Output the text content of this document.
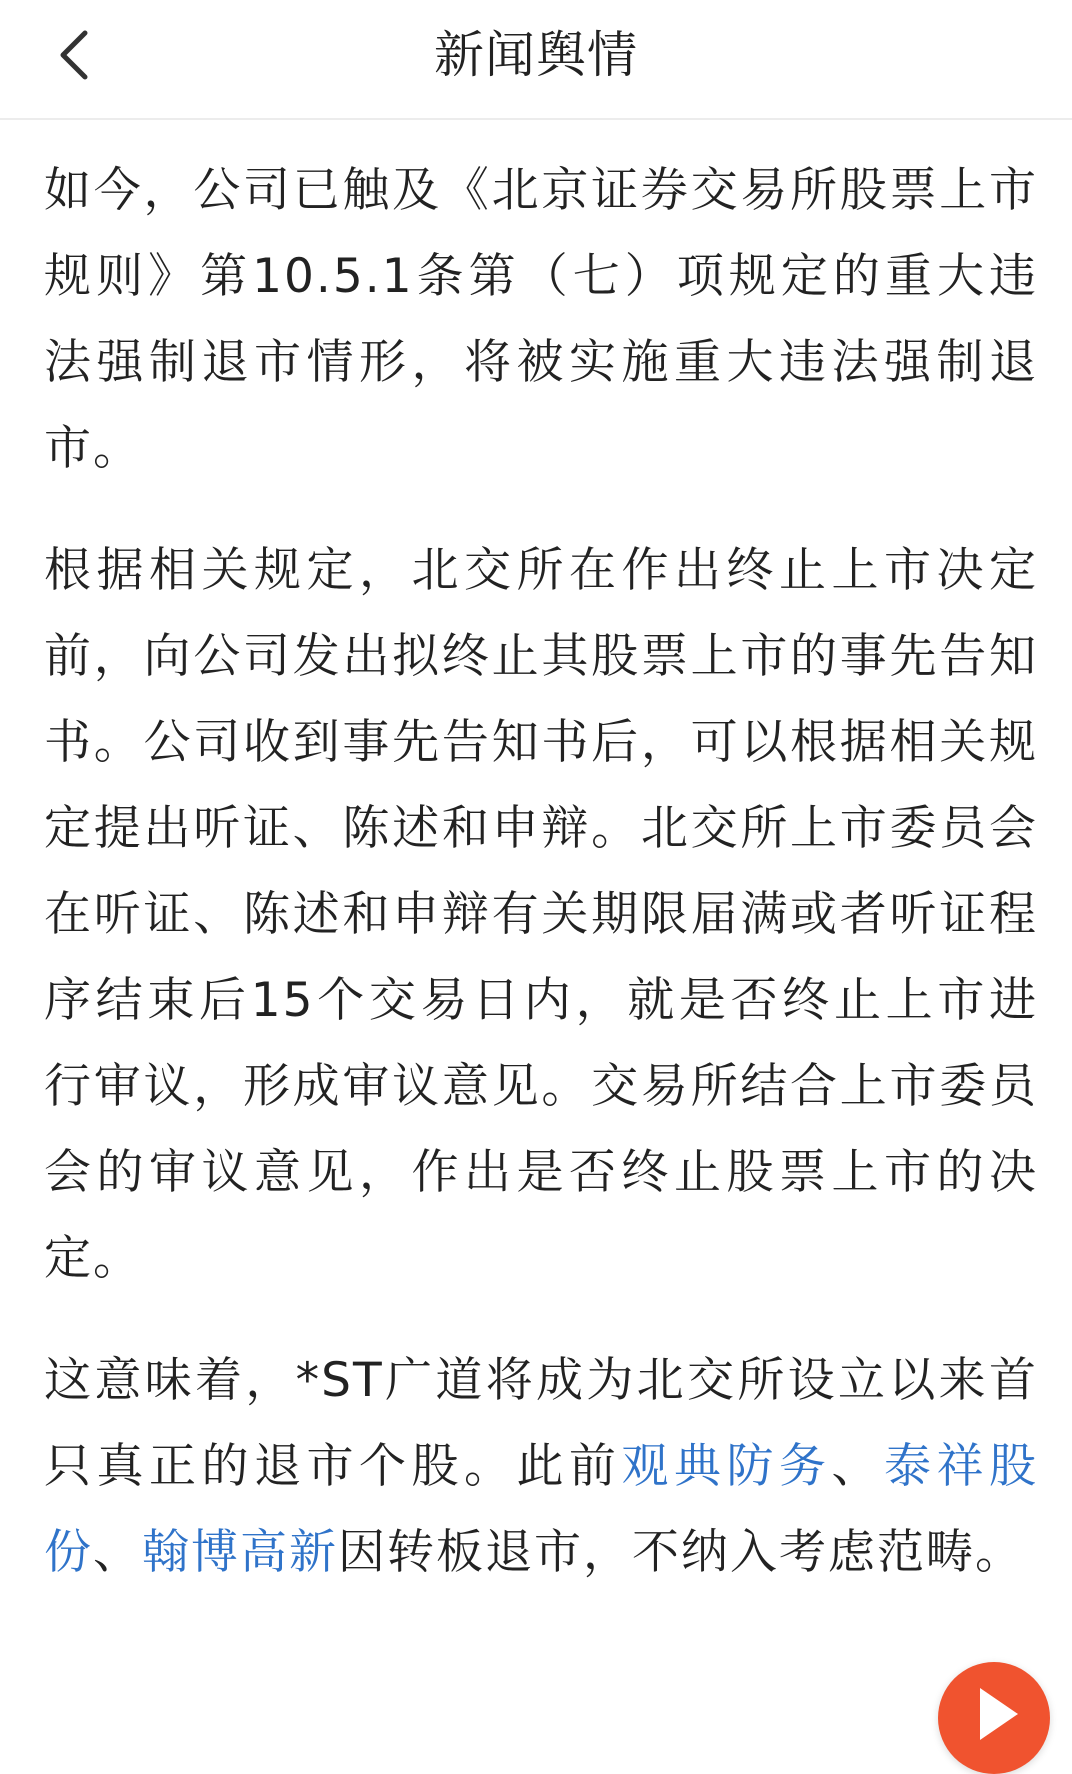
新闻舆情

如今，公司已触及《北京证券交易所股票上市规则》第10.5.1条第（七）项规定的重大违法强制退市情形，将被实施重大违法强制退市。

根据相关规定，北交所在作出终止上市决定前，向公司发出拟终止其股票上市的事先告知书。公司收到事先告知书后，可以根据相关规定提出听证、陈述和申辩。北交所上市委员会在听证、陈述和申辩有关期限届满或者听证程序结束后15个交易日内，就是否终止上市进行审议，形成审议意见。交易所结合上市委员会的审议意见，作出是否终止股票上市的决定。

这意味着，*ST广道将成为北交所设立以来首只真正的退市个股。此前观典防务、泰祥股份、翰博高新因转板退市，不纳入考虑范畴。
